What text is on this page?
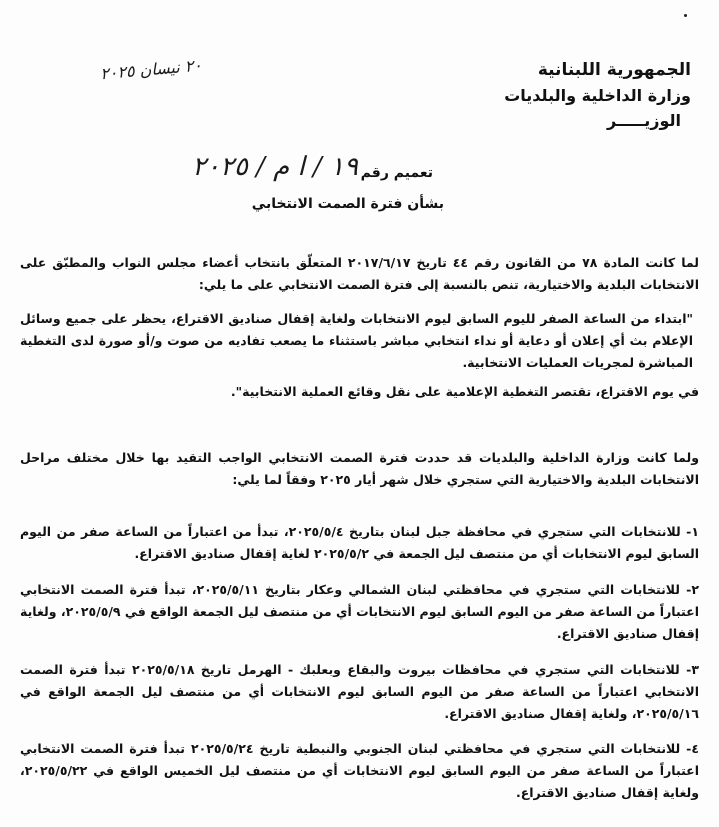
الجمهورية اللبنانية
وزارة الداخلية والبلديات
الوزيـــــر
٢٠ نيسان ٢٠٢٥
تعميم رقم
١٩ / ا م / ٢٠٢٥
بشأن فترة الصمت الانتخابي
لما كانت المادة ٧٨ من القانون رقم ٤٤ تاريخ ٢٠١٧/٦/١٧ المتعلّق بانتخاب أعضاء مجلس النواب والمطبّق على الانتخابات البلدية والاختيارية، تنص بالنسبة إلى فترة الصمت الانتخابي على ما يلي:
"ابتداء من الساعة الصفر لليوم السابق ليوم الانتخابات ولغاية إقفال صناديق الاقتراع، يحظر على جميع وسائل الإعلام بث أي إعلان أو دعاية أو نداء انتخابي مباشر باستثناء ما يصعب تفاديه من صوت و/أو صورة لدى التغطية المباشرة لمجريات العمليات الانتخابية.
في يوم الاقتراع، تقتصر التغطية الإعلامية على نقل وقائع العملية الانتخابية".
ولما كانت وزارة الداخلية والبلديات قد حددت فترة الصمت الانتخابي الواجب التقيد بها خلال مختلف مراحل الانتخابات البلدية والاختيارية التي ستجري خلال شهر أيار ٢٠٢٥ وفقاً لما يلي:
١- للانتخابات التي ستجري في محافظة جبل لبنان بتاريخ ٢٠٢٥/٥/٤، تبدأ من اعتباراً من الساعة صفر من اليوم السابق ليوم الانتخابات أي من منتصف ليل الجمعة في ٢٠٢٥/٥/٢ لغاية إقفال صناديق الاقتراع.
٢- للانتخابات التي ستجري في محافظتي لبنان الشمالي وعكار بتاريخ ٢٠٢٥/٥/١١، تبدأ فترة الصمت الانتخابي اعتباراً من الساعة صفر من اليوم السابق ليوم الانتخابات أي من منتصف ليل الجمعة الواقع في ٢٠٢٥/٥/٩، ولغاية إقفال صناديق الاقتراع.
٣- للانتخابات التي ستجري في محافظات بيروت والبقاع وبعلبك - الهرمل تاريخ ٢٠٢٥/٥/١٨ تبدأ فترة الصمت الانتخابي اعتباراً من الساعة صفر من اليوم السابق ليوم الانتخابات أي من منتصف ليل الجمعة الواقع في ٢٠٢٥/٥/١٦، ولغاية إقفال صناديق الاقتراع.
٤- للانتخابات التي ستجري في محافظتي لبنان الجنوبي والنبطية تاريخ ٢٠٢٥/٥/٢٤ تبدأ فترة الصمت الانتخابي اعتباراً من الساعة صفر من اليوم السابق ليوم الانتخابات أي من منتصف ليل الخميس الواقع في ٢٠٢٥/٥/٢٢، ولغاية إقفال صناديق الاقتراع.
